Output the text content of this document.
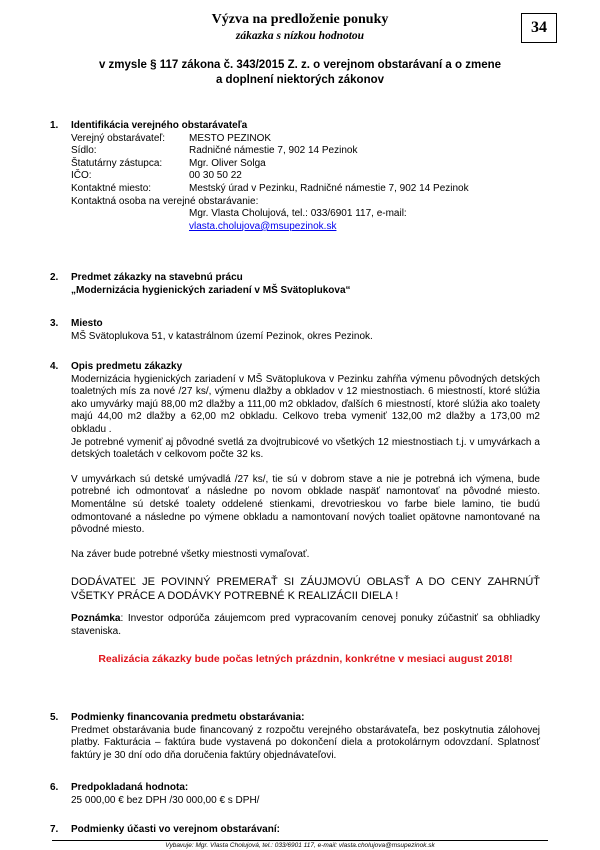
Výzva na predloženie ponuky
zákazka s nízkou hodnotou	34
v zmysle § 117 zákona č. 343/2015 Z. z. o verejnom obstarávaní a o zmene
a doplnení niektorých zákonov
1. Identifikácia verejného obstarávateľa
Verejný obstarávateľ:	MESTO PEZINOK
Sídlo:	Radničné námestie 7, 902 14 Pezinok
Štatutárny zástupca:	Mgr. Oliver Solga
IČO:	00 30 50 22
Kontaktné miesto:	Mestský úrad v Pezinku, Radničné námestie 7, 902 14 Pezinok
Kontaktná osoba na verejné obstarávanie:
Mgr. Vlasta Cholujová, tel.: 033/6901 117, e-mail:
vlasta.cholujova@msupezinok.sk
2. Predmet zákazky na stavebnú prácu
„Modernizácia hygienických zariadení v MŠ Svätoplukova“
3. Miesto
MŠ Svätoplukova 51, v katastrálnom území Pezinok, okres Pezinok.
4. Opis predmetu zákazky
Modernizácia hygienických zariadení v MŠ Svätoplukova v Pezinku zahŕňa výmenu pôvodných detských toaletných mís za nové /27 ks/, výmenu dlažby a obkladov v 12 miestnostiach. 6 miestností, ktoré slúžia ako umyvárky majú 88,00 m2 dlažby a 111,00 m2 obkladov, ďalších 6 miestností, ktoré slúžia ako toalety majú 44,00 m2 dlažby a 62,00 m2 obkladu. Celkovo treba vymeniť 132,00 m2 dlažby a 173,00 m2 obkladu .
Je potrebné vymeniť aj pôvodné svetlá za dvojtrubicové vo všetkých 12 miestnostiach t.j. v umyvárkach a detských toaletách v celkovom počte 32 ks.
V umyvárkach sú detské umývadlá /27 ks/, tie sú v dobrom stave a nie je potrebná ich výmena, bude potrebné ich odmontovať a následne po novom obklade naspäť namontovať na pôvodné miesto. Momentálne sú detské toalety oddelené stienkami, drevotrieskou vo farbe biele lamino, tie budú odmontované a následne po výmene obkladu a namontovaní nových toaliet opätovne namontované na pôvodné miesto.
Na záver bude potrebné všetky miestnosti vymaľovať.
DODÁVATEĽ JE POVINNÝ PREMERAŤ SI ZÁUJMOVÚ OBLASŤ A DO CENY ZAHRNÚŤ VŠETKY PRÁCE A DODÁVKY POTREBNÉ K REALIZÁCII DIELA !
Poznámka: Investor odporúča záujemcom pred vypracovaním cenovej ponuky zúčastniť sa obhliadky staveniska.
Realizácia zákazky bude počas letných prázdnin, konkrétne v mesiaci august 2018!
5. Podmienky financovania predmetu obstarávania:
Predmet obstarávania bude financovaný z rozpočtu verejného obstarávateľa, bez poskytnutia zálohovej platby. Fakturácia – faktúra bude vystavená po dokončení diela a protokolárnym odovzdaní. Splatnosť faktúry je 30 dní odo dňa doručenia faktúry objednávateľovi.
6. Predpokladaná hodnota:
25 000,00 € bez DPH /30 000,00 € s DPH/
7. Podmienky účasti vo verejnom obstarávaní:
Vybavuje: Mgr. Vlasta Cholujová, tel.: 033/6901 117, e-mail: vlasta.cholujova@msupezinok.sk
